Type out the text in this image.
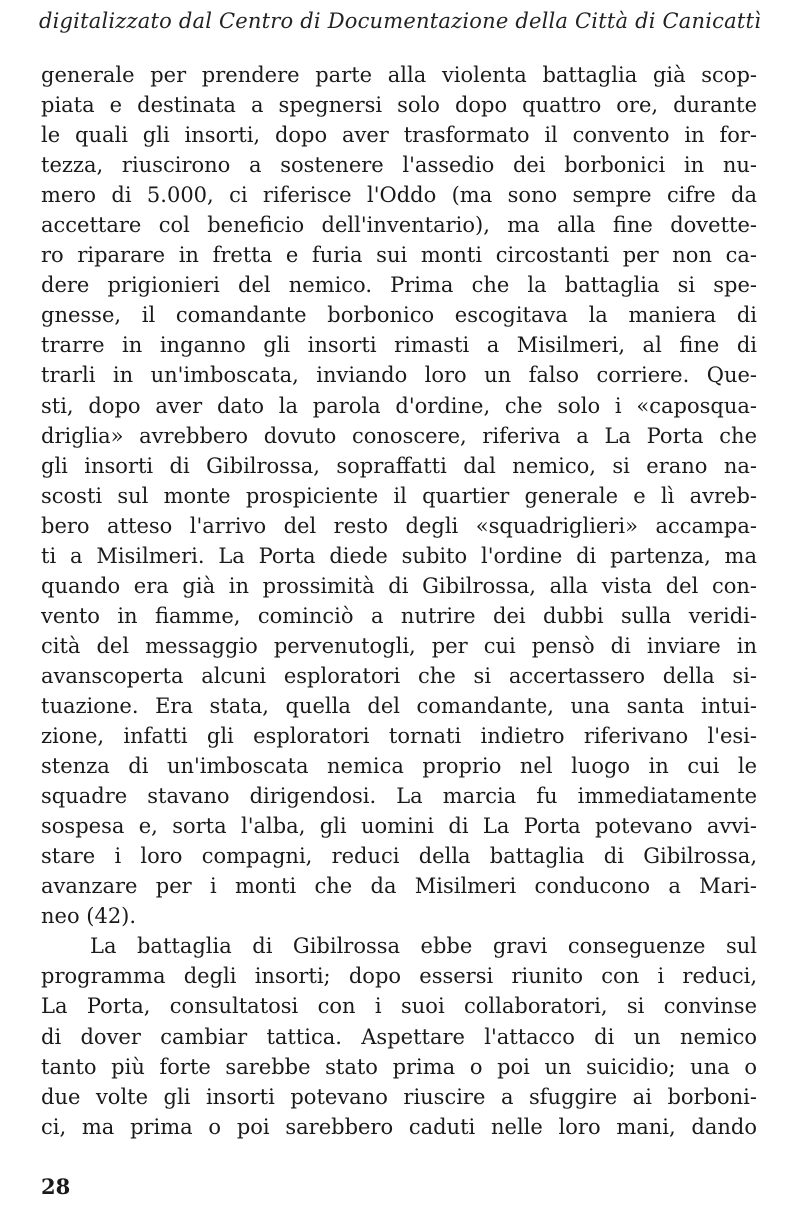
digitalizzato dal Centro di Documentazione della Città di Canicattì
generale per prendere parte alla violenta battaglia già scop-
piata e destinata a spegnersi solo dopo quattro ore, durante
le quali gli insorti, dopo aver trasformato il convento in for-
tezza, riuscirono a sostenere l'assedio dei borbonici in nu-
mero di 5.000, ci riferisce l'Oddo (ma sono sempre cifre da
accettare col beneficio dell'inventario), ma alla fine dovette-
ro riparare in fretta e furia sui monti circostanti per non ca-
dere prigionieri del nemico. Prima che la battaglia si spe-
gnesse, il comandante borbonico escogitava la maniera di
trarre in inganno gli insorti rimasti a Misilmeri, al fine di
trarli in un'imboscata, inviando loro un falso corriere. Que-
sti, dopo aver dato la parola d'ordine, che solo i «caposqua-
driglia» avrebbero dovuto conoscere, riferiva a La Porta che
gli insorti di Gibilrossa, sopraffatti dal nemico, si erano na-
scosti sul monte prospiciente il quartier generale e lì avreb-
bero atteso l'arrivo del resto degli «squadriglieri» accampa-
ti a Misilmeri. La Porta diede subito l'ordine di partenza, ma
quando era già in prossimità di Gibilrossa, alla vista del con-
vento in fiamme, cominciò a nutrire dei dubbi sulla veridi-
cità del messaggio pervenutogli, per cui pensò di inviare in
avanscoperta alcuni esploratori che si accertassero della si-
tuazione. Era stata, quella del comandante, una santa intui-
zione, infatti gli esploratori tornati indietro riferivano l'esi-
stenza di un'imboscata nemica proprio nel luogo in cui le
squadre stavano dirigendosi. La marcia fu immediatamente
sospesa e, sorta l'alba, gli uomini di La Porta potevano avvi-
stare i loro compagni, reduci della battaglia di Gibilrossa,
avanzare per i monti che da Misilmeri conducono a Mari-
neo (42).
La battaglia di Gibilrossa ebbe gravi conseguenze sul
programma degli insorti; dopo essersi riunito con i reduci,
La Porta, consultatosi con i suoi collaboratori, si convinse
di dover cambiar tattica. Aspettare l'attacco di un nemico
tanto più forte sarebbe stato prima o poi un suicidio; una o
due volte gli insorti potevano riuscire a sfuggire ai borboni-
ci, ma prima o poi sarebbero caduti nelle loro mani, dando
28
